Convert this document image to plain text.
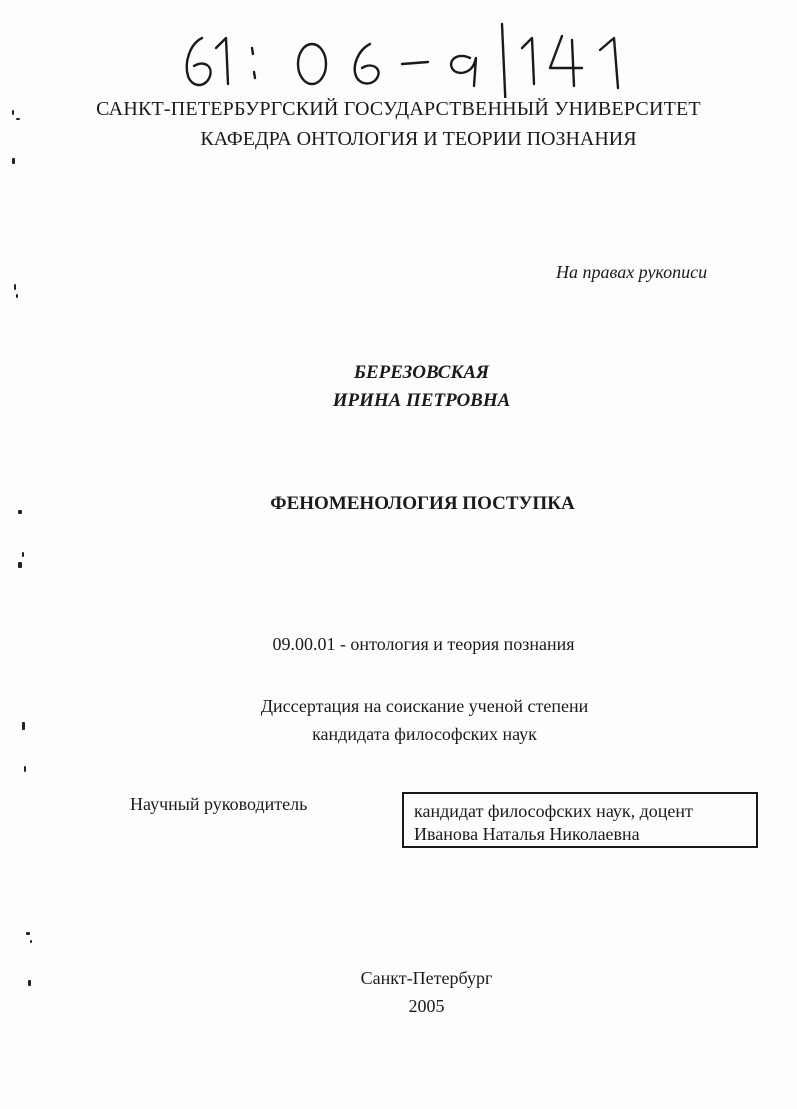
САНКТ-ПЕТЕРБУРГСКИЙ ГОСУДАРСТВЕННЫЙ УНИВЕРСИТЕТ
КАФЕДРА ОНТОЛОГИЯ И ТЕОРИИ ПОЗНАНИЯ
На правах рукописи
БЕРЕЗОВСКАЯ
ИРИНА ПЕТРОВНА
ФЕНОМЕНОЛОГИЯ ПОСТУПКА
09.00.01 - онтология и теория познания
Диссертация на соискание ученой степени
кандидата философских наук
Научный руководитель	кандидат философских наук, доцент
Иванова Наталья Николаевна
Санкт-Петербург
2005
